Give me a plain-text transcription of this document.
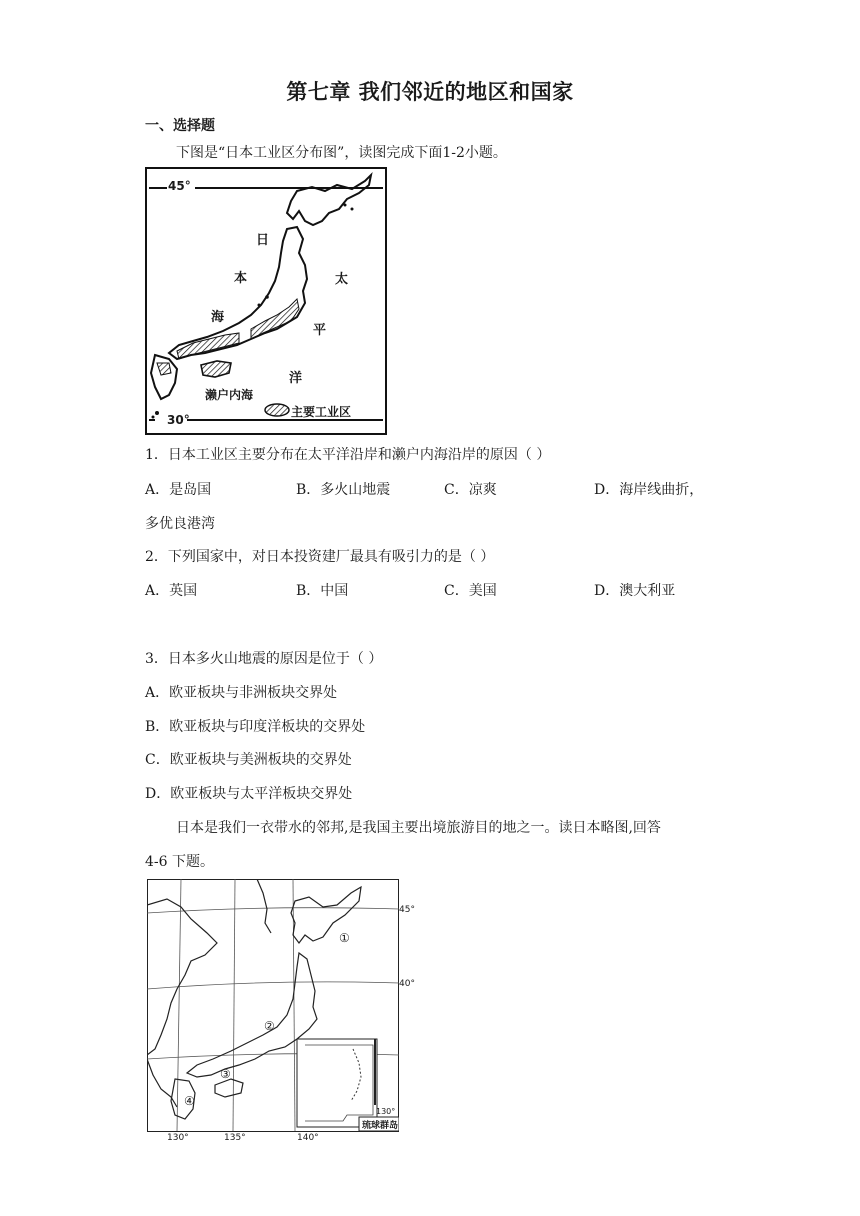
第七章 我们邻近的地区和国家
一、选择题
下图是“日本工业区分布图”，读图完成下面1-2小题。
45°
30°
日
本
海
太
平
洋
濑户内海
主要工业区
1．日本工业区主要分布在太平洋沿岸和濑户内海沿岸的原因（ ）
A．是岛国	B．多火山地震	C．凉爽	D．海岸线曲折，
多优良港湾
2．下列国家中，对日本投资建厂最具有吸引力的是（ ）
A．英国	B．中国	C．美国	D．澳大利亚
3．日本多火山地震的原因是位于（ ）
A．欧亚板块与非洲板块交界处
B．欧亚板块与印度洋板块的交界处
C．欧亚板块与美洲板块的交界处
D．欧亚板块与太平洋板块交界处
日本是我们一衣带水的邻邦,是我国主要出境旅游目的地之一。读日本略图,回答
4-6 下题。
45°
40°
130°	135°	140°
130°
琉球群岛
①
②
③
④
